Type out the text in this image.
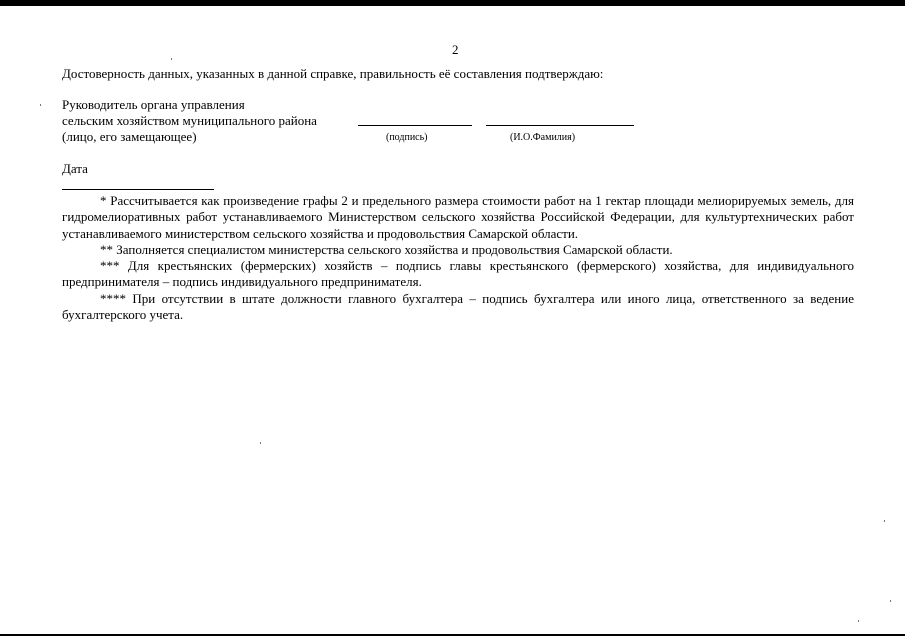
2
Достоверность данных, указанных в данной справке, правильность её составления подтверждаю:
Руководитель органа управления
сельским хозяйством муниципального района
(лицо, его замещающее)	(подпись)	(И.О.Фамилия)
Дата
* Рассчитывается как произведение графы 2 и предельного размера стоимости работ на 1 гектар площади мелиорируемых земель, для гидромелиоративных работ устанавливаемого Министерством сельского хозяйства Российской Федерации, для культуртехнических работ устанавливаемого министерством сельского хозяйства и продовольствия Самарской области.
** Заполняется специалистом министерства сельского хозяйства и продовольствия Самарской области.
*** Для крестьянских (фермерских) хозяйств – подпись главы крестьянского (фермерского) хозяйства, для индивидуального предпринимателя – подпись индивидуального предпринимателя.
**** При отсутствии в штате должности главного бухгалтера – подпись бухгалтера или иного лица, ответственного за ведение бухгалтерского учета.
